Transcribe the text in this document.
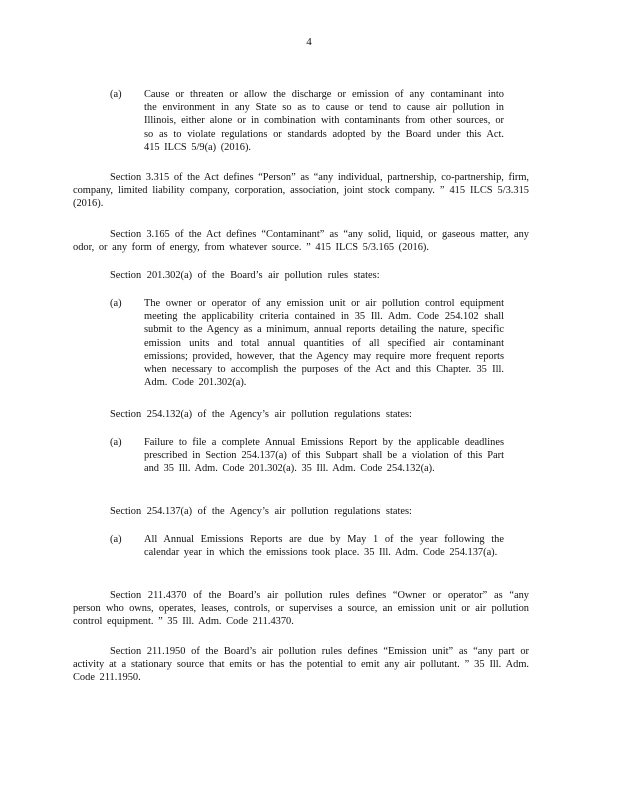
4
(a)	Cause or threaten or allow the discharge or emission of any contaminant into the environment in any State so as to cause or tend to cause air pollution in Illinois, either alone or in combination with contaminants from other sources, or so as to violate regulations or standards adopted by the Board under this Act. 415 ILCS 5/9(a) (2016).
Section 3.315 of the Act defines “Person” as “any individual, partnership, co-partnership, firm, company, limited liability company, corporation, association, joint stock company. ” 415 ILCS 5/3.315 (2016).
Section 3.165 of the Act defines “Contaminant” as “any solid, liquid, or gaseous matter, any odor, or any form of energy, from whatever source. ” 415 ILCS 5/3.165 (2016).
Section 201.302(a) of the Board’s air pollution rules states:
(a)	The owner or operator of any emission unit or air pollution control equipment meeting the applicability criteria contained in 35 Ill. Adm. Code 254.102 shall submit to the Agency as a minimum, annual reports detailing the nature, specific emission units and total annual quantities of all specified air contaminant emissions; provided, however, that the Agency may require more frequent reports when necessary to accomplish the purposes of the Act and this Chapter. 35 Ill. Adm. Code 201.302(a).
Section 254.132(a) of the Agency’s air pollution regulations states:
(a)	Failure to file a complete Annual Emissions Report by the applicable deadlines prescribed in Section 254.137(a) of this Subpart shall be a violation of this Part and 35 Ill. Adm. Code 201.302(a). 35 Ill. Adm. Code 254.132(a).
Section 254.137(a) of the Agency’s air pollution regulations states:
(a)	All Annual Emissions Reports are due by May 1 of the year following the calendar year in which the emissions took place. 35 Ill. Adm. Code 254.137(a).
Section 211.4370 of the Board’s air pollution rules defines “Owner or operator” as “any person who owns, operates, leases, controls, or supervises a source, an emission unit or air pollution control equipment. ” 35 Ill. Adm. Code 211.4370.
Section 211.1950 of the Board’s air pollution rules defines “Emission unit” as “any part or activity at a stationary source that emits or has the potential to emit any air pollutant. ” 35 Ill. Adm. Code 211.1950.
